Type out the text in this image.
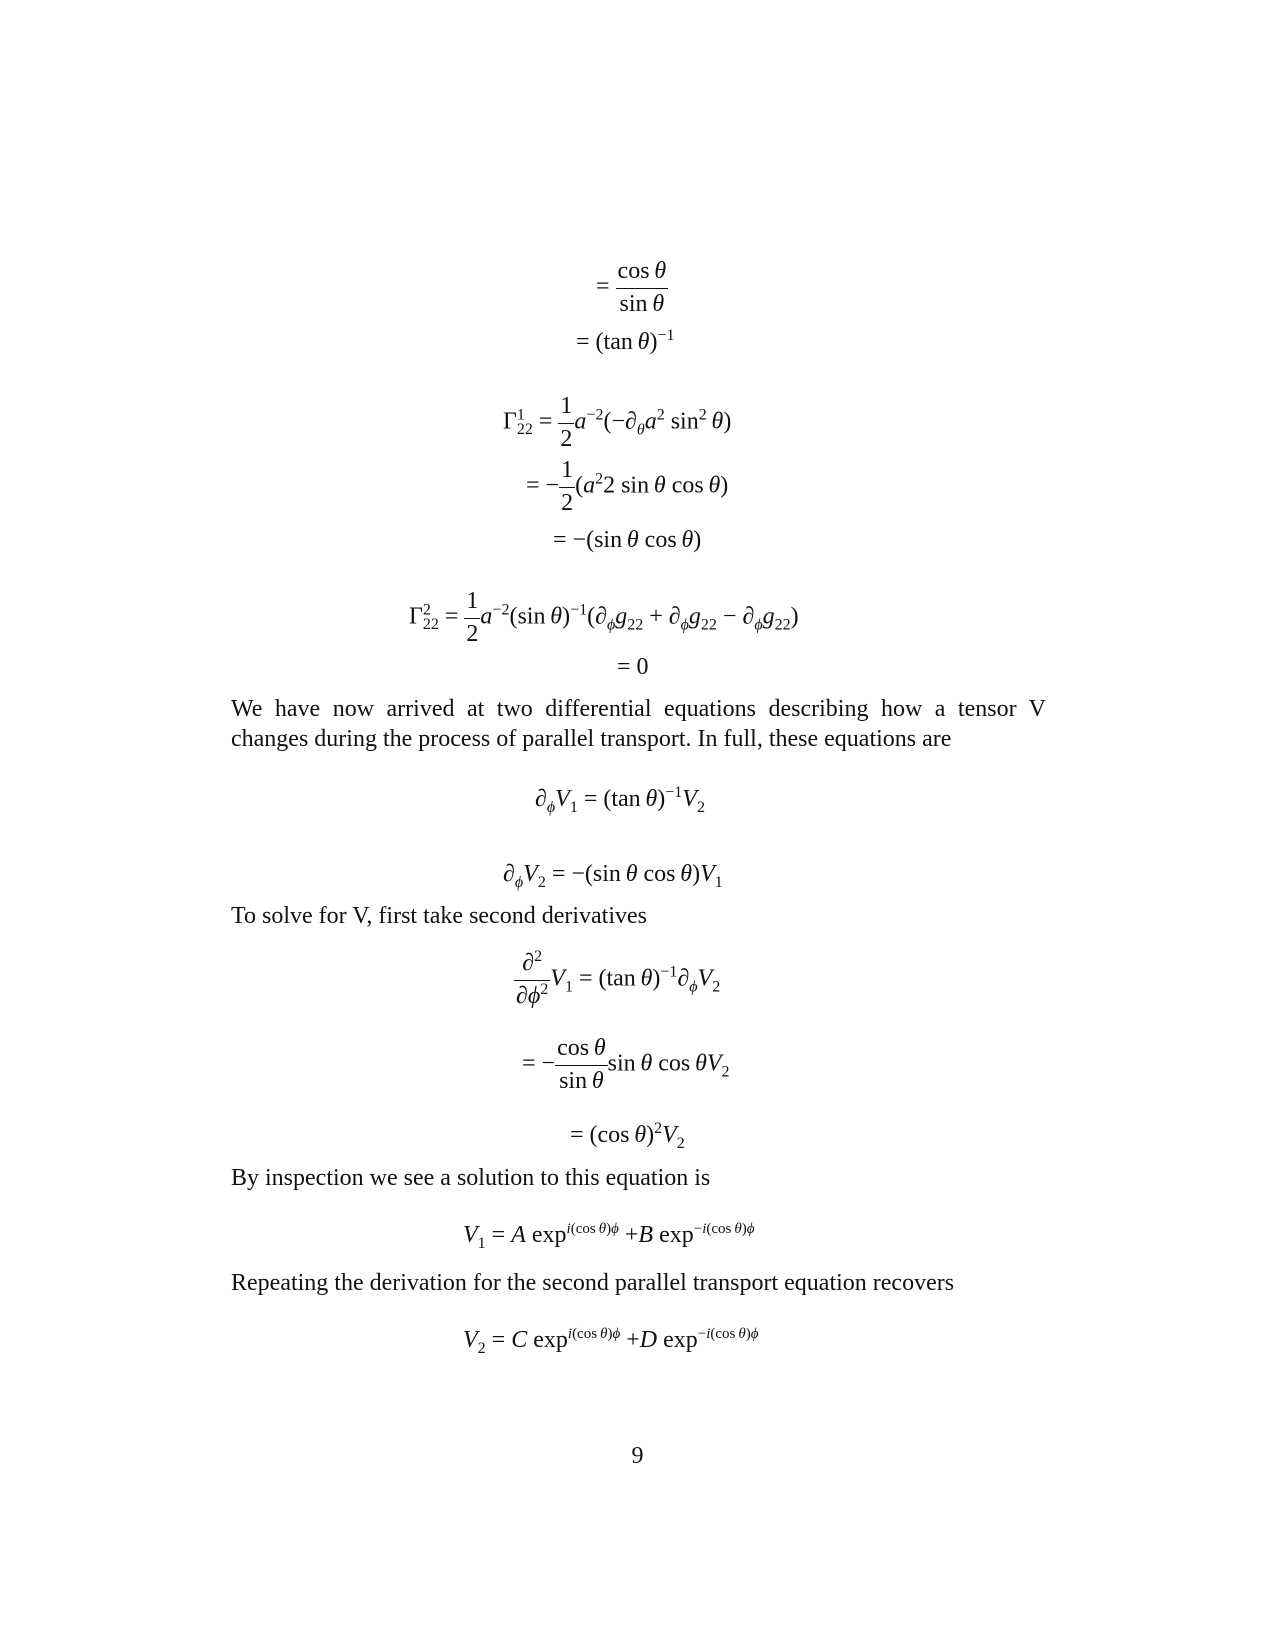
= $\frac{\text{cos θ}}{\text{sin θ}}$
= (tan θ)$^{-1}$
$\Gamma^1_{22} = \frac{1}{2} a^{-2}(-\partial_\theta a^2$ $\sin^2 \theta$)
= − $\frac{1}{2} (a^22$ sin θ cos θ)
= −(sin θ cos θ)
$\Gamma^2_{22} = \frac{1}{2} a^{-2}(\sin$ $\theta)^{-1}(\partial_\phi g_{22} + \partial_\phi g_{22} - \partial_\phi g_{22})$
= 0
We have now arrived at two differential equations describing how a tensor V changes during the process of parallel transport. In full, these equations are
$\partial_\phi V_1 = (\tan$ $\theta)^{-1}V_2$
$\partial_\phi V_2 = -(\sin$ θ $\cos \theta)V_1$
To solve for V, first take second derivatives
$\frac{\partial^2}{\partial\phi^2} V_1 = (\tan$ $\theta)^{-1}\partial_\phi V_2$
= − $\frac{\text{cos θ}}{\text{sin θ}}$ sin θ $\cos \theta V_2$
= (cos $\theta)^2V_2$
By inspection we see a solution to this equation is
$V_1 = A$ $\exp^{i(cos \theta)\phi} +B$ $\exp^{-i(cos \theta)\phi}$
Repeating the derivation for the second parallel transport equation recovers
$V_2 = C$ $\exp^{i(cos \theta)\phi} +D$ $\exp^{-i(cos \theta)\phi}$
9
